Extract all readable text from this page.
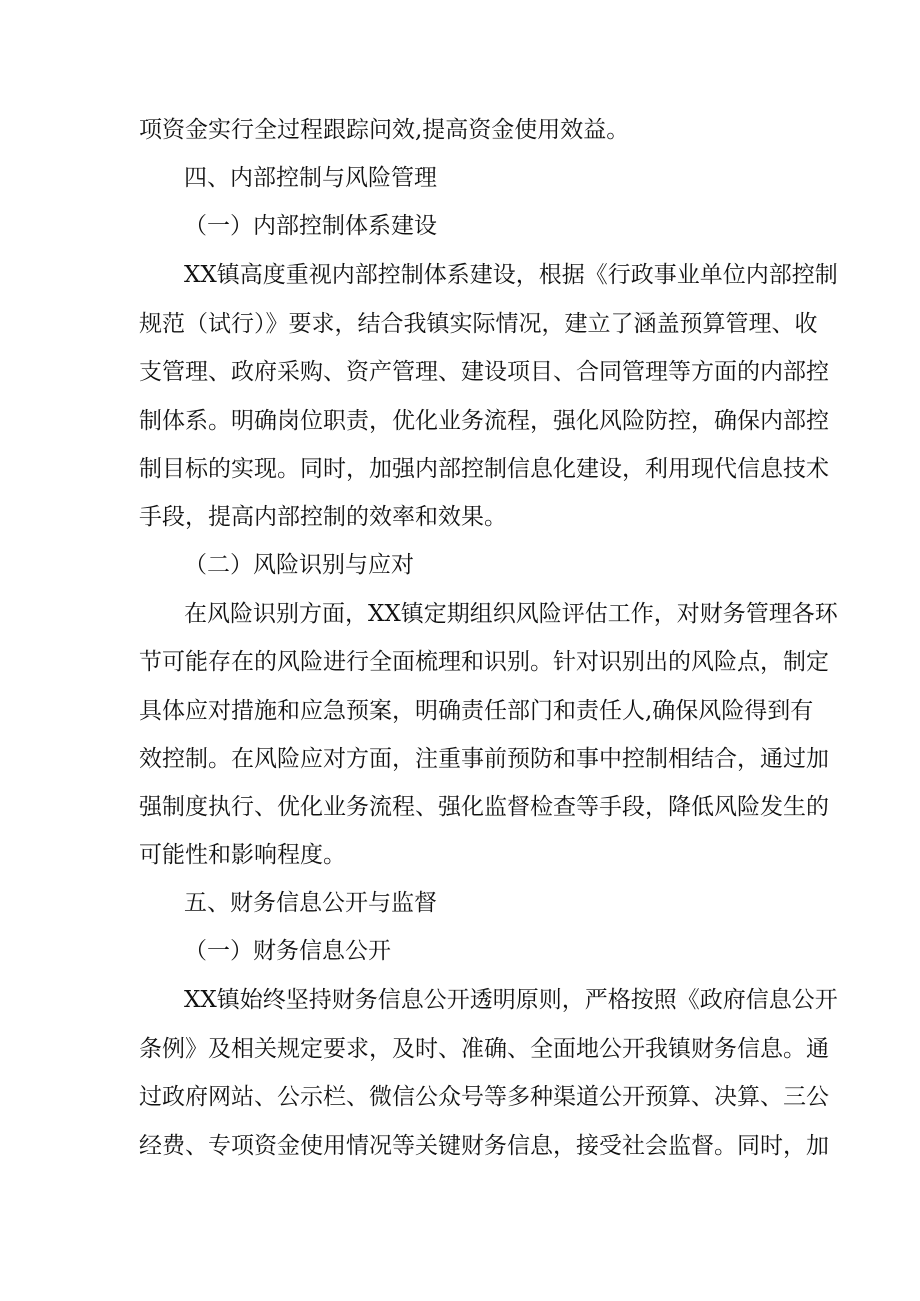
项资金实行全过程跟踪问效,提高资金使用效益。
四、内部控制与风险管理
（一）内部控制体系建设
XX镇高度重视内部控制体系建设，根据《行政事业单位内部控制
规范（试行）》要求，结合我镇实际情况，建立了涵盖预算管理、收
支管理、政府采购、资产管理、建设项目、合同管理等方面的内部控
制体系。明确岗位职责，优化业务流程，强化风险防控，确保内部控
制目标的实现。同时，加强内部控制信息化建设，利用现代信息技术
手段，提高内部控制的效率和效果。
（二）风险识别与应对
在风险识别方面，XX镇定期组织风险评估工作，对财务管理各环
节可能存在的风险进行全面梳理和识别。针对识别出的风险点，制定
具体应对措施和应急预案，明确责任部门和责任人,确保风险得到有
效控制。在风险应对方面，注重事前预防和事中控制相结合，通过加
强制度执行、优化业务流程、强化监督检查等手段，降低风险发生的
可能性和影响程度。
五、财务信息公开与监督
（一）财务信息公开
XX镇始终坚持财务信息公开透明原则，严格按照《政府信息公开
条例》及相关规定要求，及时、准确、全面地公开我镇财务信息。通
过政府网站、公示栏、微信公众号等多种渠道公开预算、决算、三公
经费、专项资金使用情况等关键财务信息，接受社会监督。同时，加
